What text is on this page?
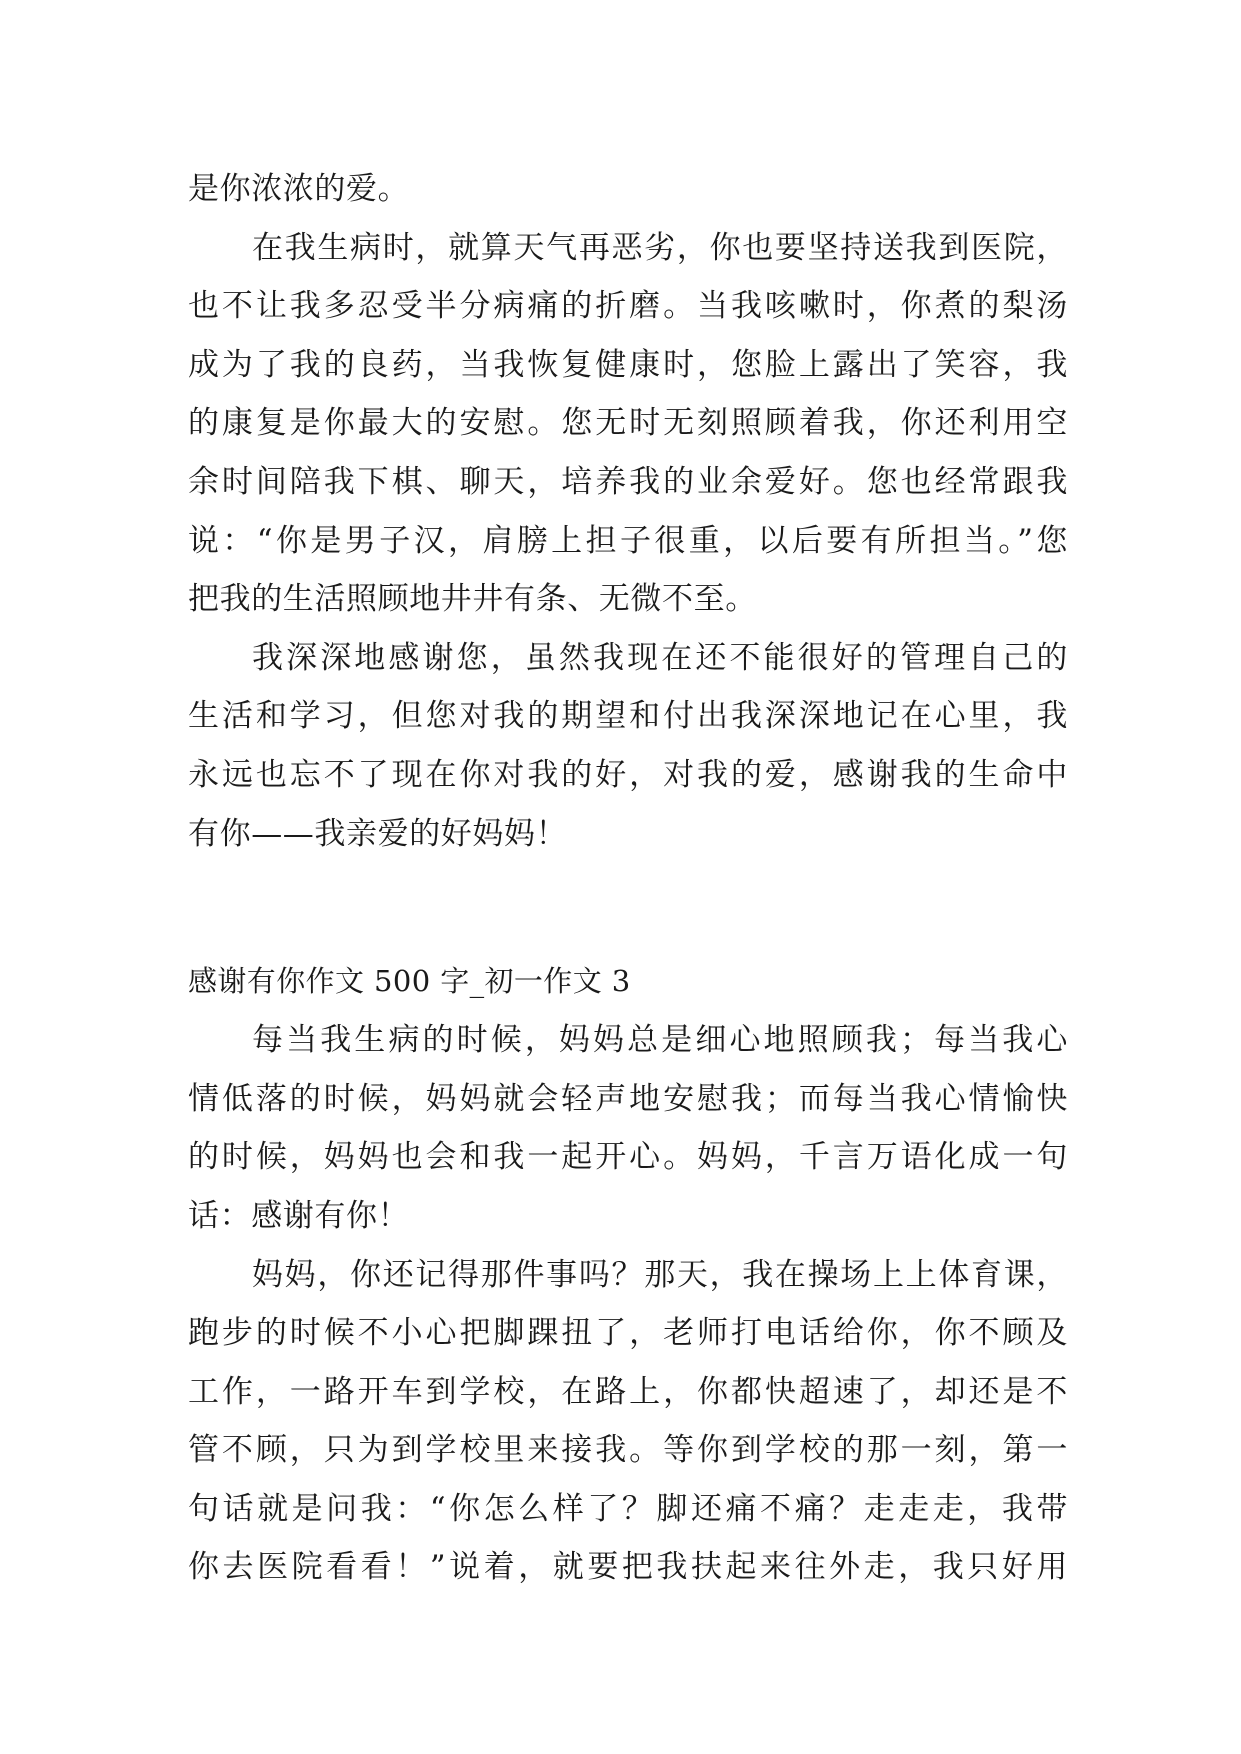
是你浓浓的爱。
在我生病时，就算天气再恶劣，你也要坚持送我到医院，
也不让我多忍受半分病痛的折磨。当我咳嗽时，你煮的梨汤
成为了我的良药，当我恢复健康时，您脸上露出了笑容，我
的康复是你最大的安慰。您无时无刻照顾着我，你还利用空
余时间陪我下棋、聊天，培养我的业余爱好。您也经常跟我
说：“你是男子汉，肩膀上担子很重，以后要有所担当。”您
把我的生活照顾地井井有条、无微不至。
我深深地感谢您，虽然我现在还不能很好的管理自己的
生活和学习，但您对我的期望和付出我深深地记在心里，我
永远也忘不了现在你对我的好，对我的爱，感谢我的生命中
有你——我亲爱的好妈妈！
感谢有你作文 500 字_初一作文 3
每当我生病的时候，妈妈总是细心地照顾我；每当我心
情低落的时候，妈妈就会轻声地安慰我；而每当我心情愉快
的时候，妈妈也会和我一起开心。妈妈，千言万语化成一句
话：感谢有你！
妈妈，你还记得那件事吗？那天，我在操场上上体育课，
跑步的时候不小心把脚踝扭了，老师打电话给你，你不顾及
工作，一路开车到学校，在路上，你都快超速了，却还是不
管不顾，只为到学校里来接我。等你到学校的那一刻，第一
句话就是问我：“你怎么样了？脚还痛不痛？走走走，我带
你去医院看看！”说着，就要把我扶起来往外走，我只好用
